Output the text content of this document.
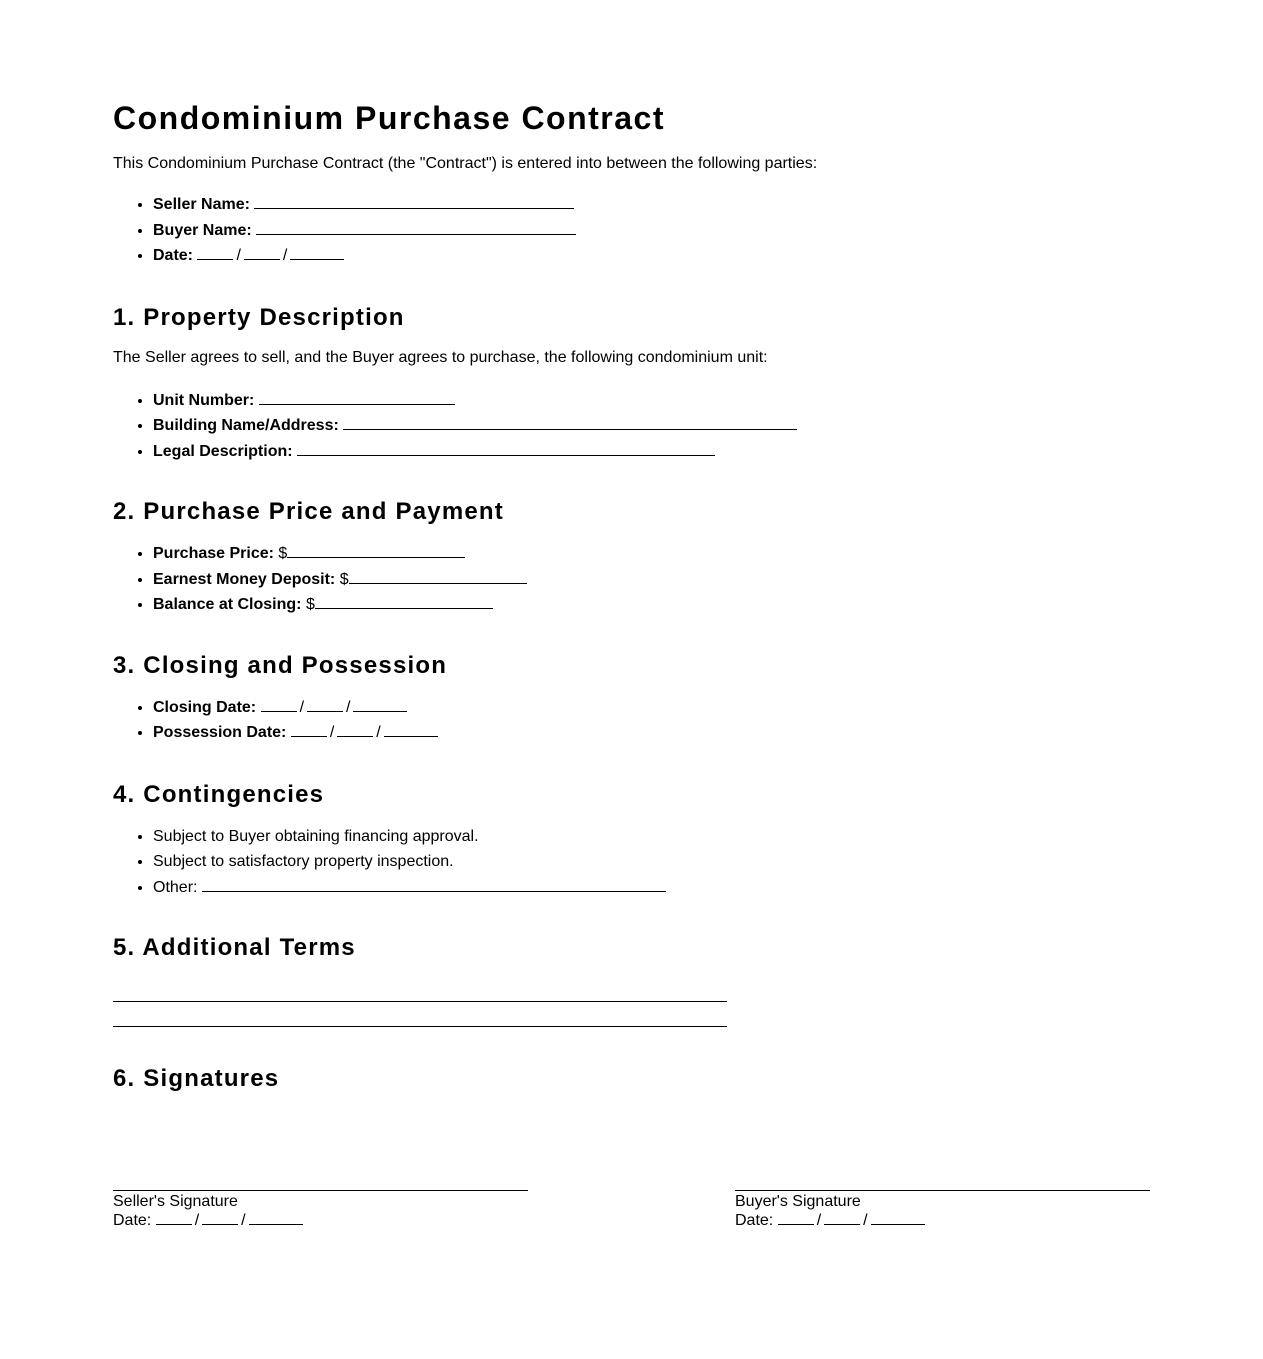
Condominium Purchase Contract

This Condominium Purchase Contract (the "Contract") is entered into between the following parties:

• Seller Name:
• Buyer Name:
• Date:	/	/
1. Property Description

The Seller agrees to sell, and the Buyer agrees to purchase, the following condominium unit:

• Unit Number:
• Building Name/Address:
• Legal Description:
2. Purchase Price and Payment
• Purchase Price: $
• Earnest Money Deposit: $
• Balance at Closing: $
3. Closing and Possession
• Closing Date:	/	/
• Possession Date:	/	/
4. Contingencies
• Subject to Buyer obtaining financing approval.
• Subject to satisfactory property inspection.
• Other:
5. Additional Terms
6. Signatures
Seller's Signature
Date:	/	/
Buyer's Signature
Date:	/	/
